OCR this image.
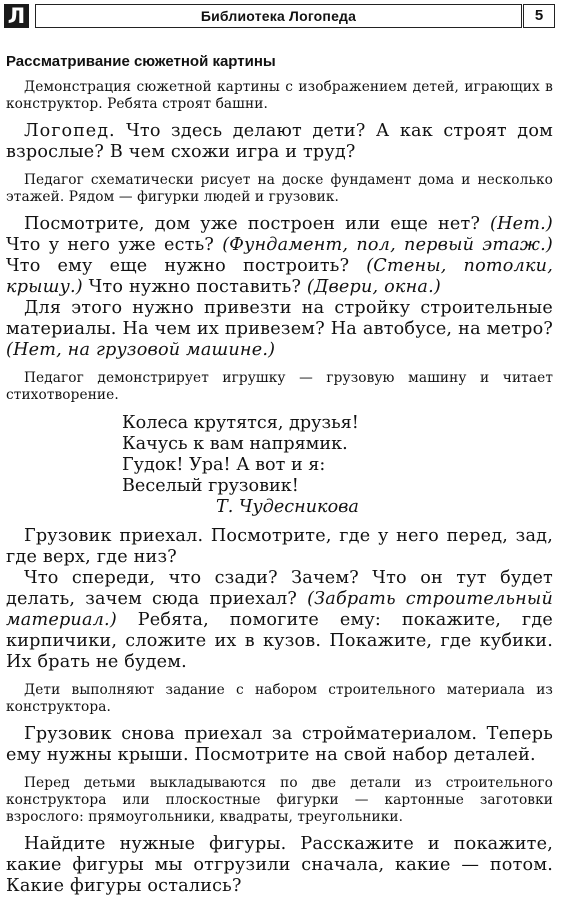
Л	Библиотека Логопеда	5
Рассматривание сюжетной картины

Демонстрация сюжетной картины с изображением детей, играющих в конструктор. Ребята строят башни.

Логопед. Что здесь делают дети? А как строят дом взрослые? В чем схожи игра и труд?

Педагог схематически рисует на доске фундамент дома и несколько этажей. Рядом — фигурки людей и грузовик.

Посмотрите, дом уже построен или еще нет? (Нет.) Что у него уже есть? (Фундамент, пол, первый этаж.) Что ему еще нужно построить? (Стены, потолки, крышу.) Что нужно поставить? (Двери, окна.)

Для этого нужно привезти на стройку строительные материалы. На чем их привезем? На автобусе, на метро? (Нет, на грузовой машине.)

Педагог демонстрирует игрушку — грузовую машину и читает стихотворение.

Колеса крутятся, друзья!
Качусь к вам напрямик.
Гудок! Ура! А вот и я:
Веселый грузовик!
Т. Чудесникова

Грузовик приехал. Посмотрите, где у него перед, зад, где верх, где низ?

Что спереди, что сзади? Зачем? Что он тут будет делать, зачем сюда приехал? (Забрать строительный материал.) Ребята, помогите ему: покажите, где кирпичики, сложите их в кузов. Покажите, где кубики. Их брать не будем.

Дети выполняют задание с набором строительного материала из конструктора.

Грузовик снова приехал за стройматериалом. Теперь ему нужны крыши. Посмотрите на свой набор деталей.

Перед детьми выкладываются по две детали из строительного конструктора или плоскостные фигурки — картонные заготовки взрослого: прямоугольники, квадраты, треугольники.

Найдите нужные фигуры. Расскажите и покажите, какие фигуры мы отгрузили сначала, какие — потом. Какие фигуры остались?
